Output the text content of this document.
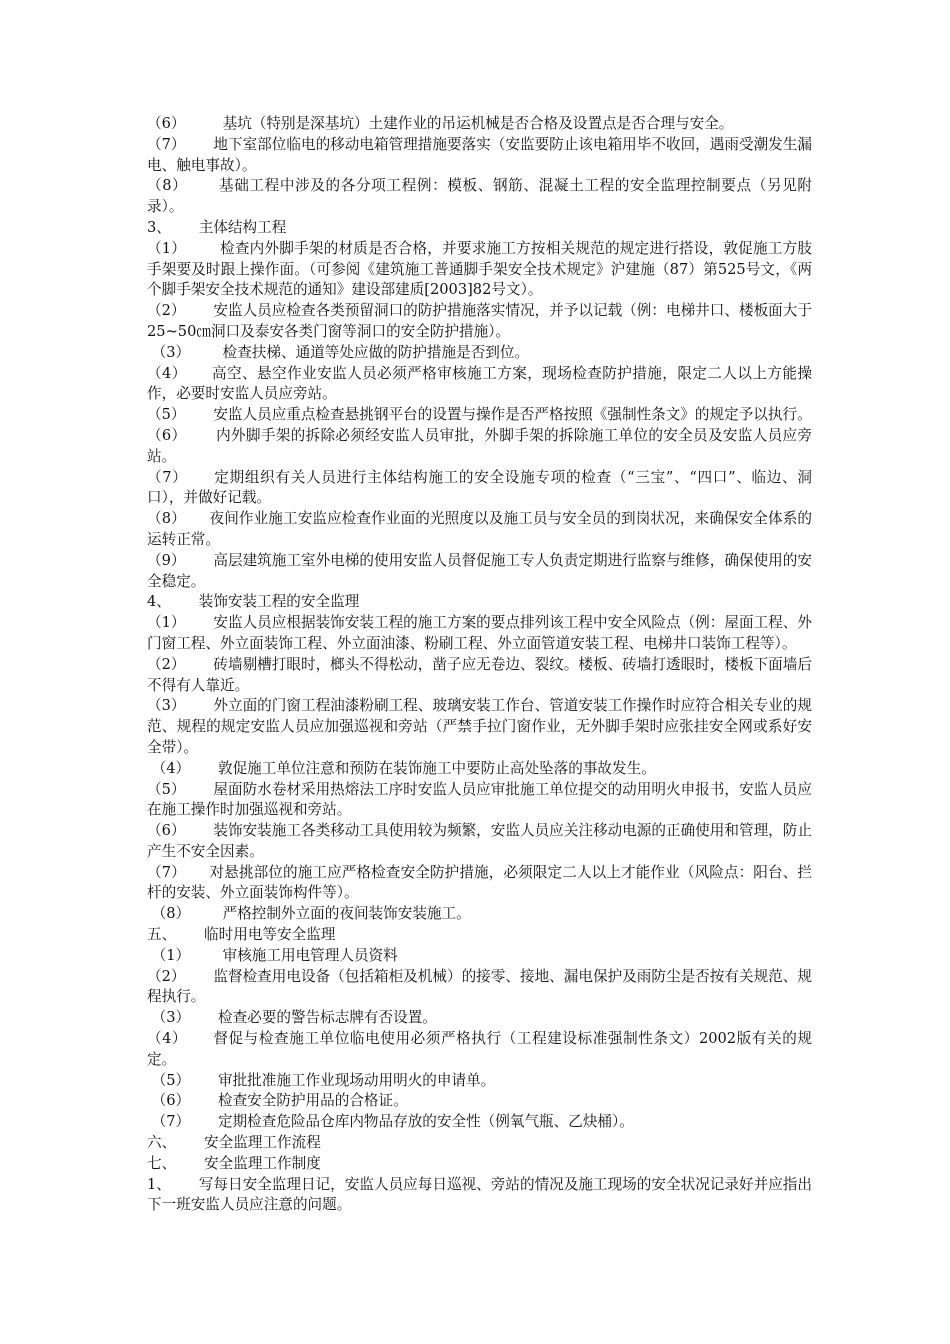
（6）	基坑（特别是深基坑）土建作业的吊运机械是否合格及设置点是否合理与安全。

（7） 地下室部位临电的移动电箱管理措施要落实（安监要防止该电箱用毕不收回，遇雨受潮发生漏电、触电事故）。

（8） 基础工程中涉及的各分项工程例：模板、钢筋、混凝土工程的安全监理控制要点（另见附录）。

3、 主体结构工程

（1） 检查内外脚手架的材质是否合格，并要求施工方按相关规范的规定进行搭设，敦促施工方肢手架要及时跟上操作面。（可参阅《建筑施工普通脚手架安全技术规定》沪建施（87）第525号文，《两个脚手架安全技术规范的通知》建设部建质[2003]82号文）。

（2） 安监人员应检查各类预留洞口的防护措施落实情况，并予以记载（例：电梯井口、楼板面大于25~50㎝洞口及泰安各类门窗等洞口的安全防护措施）。

（3） 检查扶梯、通道等处应做的防护措施是否到位。

（4） 高空、悬空作业安监人员必须严格审核施工方案，现场检查防护措施，限定二人以上方能操作，必要时安监人员应旁站。

（5） 安监人员应重点检查悬挑钢平台的设置与操作是否严格按照《强制性条文》的规定予以执行。

（6） 内外脚手架的拆除必须经安监人员审批，外脚手架的拆除施工单位的安全员及安监人员应旁站。

（7） 定期组织有关人员进行主体结构施工的安全设施专项的检查（“三宝”、“四口”、临边、洞口），并做好记载。

（8） 夜间作业施工安监应检查作业面的光照度以及施工员与安全员的到岗状况，来确保安全体系的运转正常。

（9） 高层建筑施工室外电梯的使用安监人员督促施工专人负责定期进行监察与维修，确保使用的安全稳定。

4、 装饰安装工程的安全监理

（1） 安监人员应根据装饰安装工程的施工方案的要点排列该工程中安全风险点（例：屋面工程、外门窗工程、外立面装饰工程、外立面油漆、粉刷工程、外立面管道安装工程、电梯井口装饰工程等）。

（2） 砖墙剔槽打眼时，榔头不得松动，凿子应无卷边、裂纹。楼板、砖墙打透眼时，楼板下面墙后不得有人靠近。

（3） 外立面的门窗工程油漆粉刷工程、玻璃安装工作台、管道安装工作操作时应符合相关专业的规范、规程的规定安监人员应加强巡视和旁站（严禁手拉门窗作业，无外脚手架时应张挂安全网或系好安全带）。

（4） 敦促施工单位注意和预防在装饰施工中要防止高处坠落的事故发生。

（5） 屋面防水卷材采用热熔法工序时安监人员应审批施工单位提交的动用明火申报书，安监人员应在施工操作时加强巡视和旁站。

（6） 装饰安装施工各类移动工具使用较为频繁，安监人员应关注移动电源的正确使用和管理，防止产生不安全因素。

（7） 对悬挑部位的施工应严格检查安全防护措施，必须限定二人以上才能作业（风险点：阳台、拦杆的安装、外立面装饰构件等）。

（8） 严格控制外立面的夜间装饰安装施工。

五、 临时用电等安全监理

（1） 审核施工用电管理人员资料

（2） 监督检查用电设备（包括箱柜及机械）的接零、接地、漏电保护及雨防尘是否按有关规范、规程执行。

（3） 检查必要的警告标志牌有否设置。

（4） 督促与检查施工单位临电使用必须严格执行（工程建设标准强制性条文）2002版有关的规定。

（5） 审批批准施工作业现场动用明火的申请单。

（6） 检查安全防护用品的合格证。

（7） 定期检查危险品仓库内物品存放的安全性（例氧气瓶、乙炔桶）。

六、 安全监理工作流程

七、 安全监理工作制度

1、 写每日安全监理日记，安监人员应每日巡视、旁站的情况及施工现场的安全状况记录好并应指出下一班安监人员应注意的问题。
